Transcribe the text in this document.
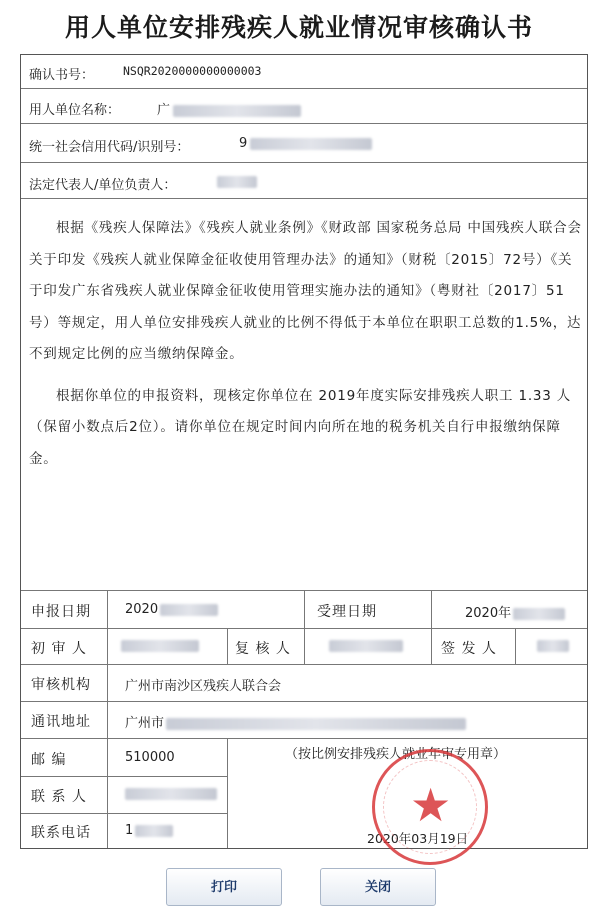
用人单位安排残疾人就业情况审核确认书
确认书号：	NSQR2020000000000003
用人单位名称：	广
统一社会信用代码/识别号：	9
法定代表人/单位负责人：

根据《残疾人保障法》《残疾人就业条例》《财政部 国家税务总局 中国残疾人联合会关于印发《残疾人就业保障金征收使用管理办法》的通知》（财税〔2015〕72号）《关于印发广东省残疾人就业保障金征收使用管理实施办法的通知》（粤财社〔2017〕51号）等规定，用人单位安排残疾人就业的比例不得低于本单位在职职工总数的1.5%，达不到规定比例的应当缴纳保障金。

根据你单位的申报资料，现核定你单位在 2019年度实际安排残疾人职工 1.33 人（保留小数点后2位）。请你单位在规定时间内向所在地的税务机关自行申报缴纳保障金。

申报日期	2020	受理日期	2020年
初 审 人	复 核 人	签 发 人
审核机构	广州市南沙区残疾人联合会
通讯地址	广州市
邮 编	510000
联 系 人
联系电话	1
（按比例安排残疾人就业年审专用章）
2020年03月19日
★
打印	关闭
